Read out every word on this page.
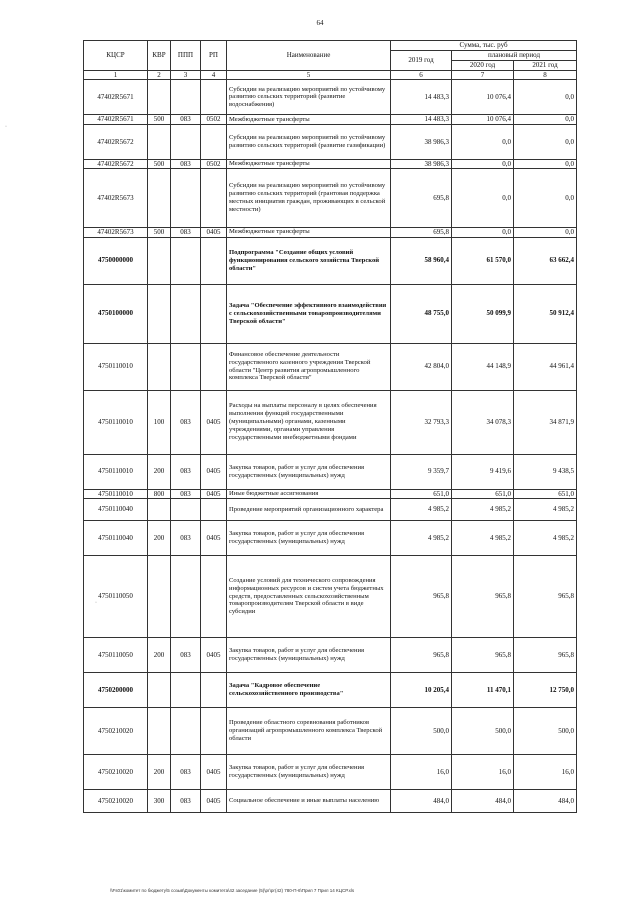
64
КЦСР	КВР	ППП	РП	Наименование	Сумма, тыс. руб		
					2019 год	плановый период	
						2020 год	2021 год
1	2	3	4	5	6	7	8
47402R5671				Субсидии на реализацию мероприятий по устойчивому развитию сельских территорий (развитие водоснабжения)	14 483,3	10 076,4	0,0
47402R5671	500	083	0502	Межбюджетные трансферты	14 483,3	10 076,4	0,0
47402R5672				Субсидии на реализацию мероприятий по устойчивому развитию сельских территорий (развитие газификации)	38 986,3	0,0	0,0
47402R5672	500	083	0502	Межбюджетные трансферты	38 986,3	0,0	0,0
47402R5673				Субсидии на реализацию мероприятий по устойчивому развитию сельских территорий (грантовая поддержка местных инициатив граждан, проживающих в сельской местности)	695,8	0,0	0,0
47402R5673	500	083	0405	Межбюджетные трансферты	695,8	0,0	0,0
4750000000				Подпрограмма "Создание общих условий функционирования сельского хозяйства Тверской области"	58 960,4	61 570,0	63 662,4
4750100000				Задача "Обеспечение эффективного взаимодействия с сельскохозяйственными товаропроизводителями Тверской области"	48 755,0	50 099,9	50 912,4
4750110010				Финансовое обеспечение деятельности государственного казенного учреждения Тверской области "Центр развития агропромышленного комплекса Тверской области"	42 804,0	44 148,9	44 961,4
4750110010	100	083	0405	Расходы на выплаты персоналу в целях обеспечения выполнения функций государственными (муниципальными) органами, казенными учреждениями, органами управления государственными внебюджетными фондами	32 793,3	34 078,3	34 871,9
4750110010	200	083	0405	Закупка товаров, работ и услуг для обеспечения государственных (муниципальных) нужд	9 359,7	9 419,6	9 438,5
4750110010	800	083	0405	Иные бюджетные ассигнования	651,0	651,0	651,0
4750110040				Проведение мероприятий организационного характера	4 985,2	4 985,2	4 985,2
4750110040	200	083	0405	Закупка товаров, работ и услуг для обеспечения государственных (муниципальных) нужд	4 985,2	4 985,2	4 985,2
4750110050				Создание условий для технического сопровождения информационных ресурсов и систем учета бюджетных средств, предоставленных сельскохозяйственным товаропроизводителям Тверской области в виде субсидии	965,8	965,8	965,8
4750110050	200	083	0405	Закупка товаров, работ и услуг для обеспечения государственных (муниципальных) нужд	965,8	965,8	965,8
4750200000				Задача "Кадровое обеспечение сельскохозяйственного производства"	10 205,4	11 470,1	12 750,0
4750210020				Проведение областного соревнования работников организаций агропромышленного комплекса Тверской области	500,0	500,0	500,0
4750210020	200	083	0405	Закупка товаров, работ и услуг для обеспечения государственных (муниципальных) нужд	16,0	16,0	16,0
4750210020	300	083	0405	Социальное обеспечение и иные выплаты населению	484,0	484,0	484,0
·
·
\\Fs01\комитет по бюджету\5 созыв\Документы комитета\42 заседание (5)\рг\рг(42) 780-П-6\Прил 7 Прил 14 КЦСР.xls
